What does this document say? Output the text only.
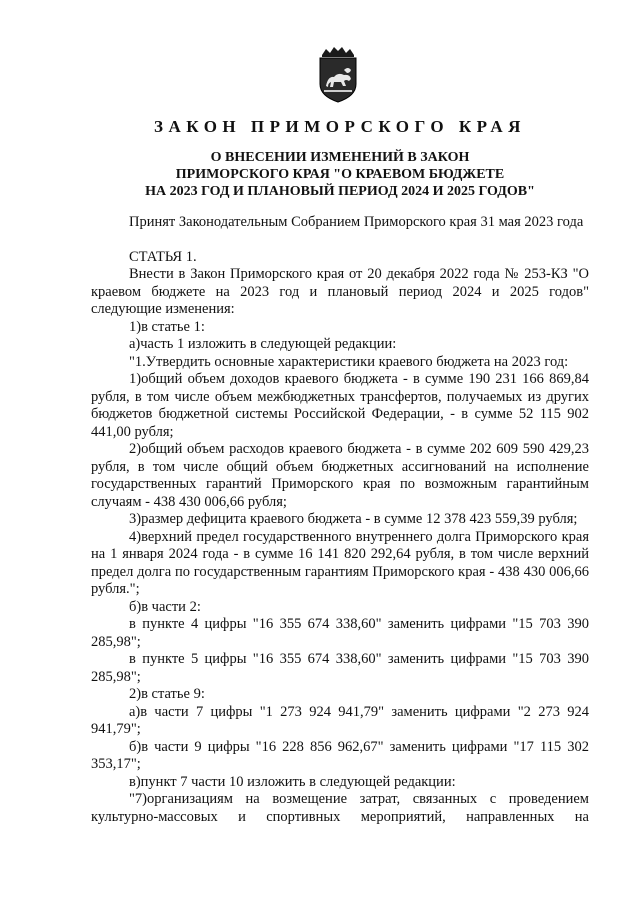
ЗАКОН ПРИМОРСКОГО КРАЯ
О ВНЕСЕНИИ ИЗМЕНЕНИЙ В ЗАКОН
ПРИМОРСКОГО КРАЯ "О КРАЕВОМ БЮДЖЕТЕ
НА 2023 ГОД И ПЛАНОВЫЙ ПЕРИОД 2024 И 2025 ГОДОВ"

Принят Законодательным Собранием Приморского края 31 мая 2023 года

СТАТЬЯ 1.

Внести в Закон Приморского края от 20 декабря 2022 года № 253-КЗ "О краевом бюджете на 2023 год и плановый период 2024 и 2025 годов" следующие изменения:

1)в статье 1:

а)часть 1 изложить в следующей редакции:

"1.Утвердить основные характеристики краевого бюджета на 2023 год:

1)общий объем доходов краевого бюджета - в сумме 190 231 166 869,84 рубля, в том числе объем межбюджетных трансфертов, получаемых из других бюджетов бюджетной системы Российской Федерации, - в сумме 52 115 902 441,00 рубля;

2)общий объем расходов краевого бюджета - в сумме 202 609 590 429,23 рубля, в том числе общий объем бюджетных ассигнований на исполнение государственных гарантий Приморского края по возможным гарантийным случаям - 438 430 006,66 рубля;

3)размер дефицита краевого бюджета - в сумме 12 378 423 559,39 рубля;

4)верхний предел государственного внутреннего долга Приморского края на 1 января 2024 года - в сумме 16 141 820 292,64 рубля, в том числе верхний предел долга по государственным гарантиям Приморского края - 438 430 006,66 рубля.";

б)в части 2:

в пункте 4 цифры "16 355 674 338,60" заменить цифрами "15 703 390 285,98";

в пункте 5 цифры "16 355 674 338,60" заменить цифрами "15 703 390 285,98";

2)в статье 9:

а)в части 7 цифры "1 273 924 941,79" заменить цифрами "2 273 924 941,79";

б)в части 9 цифры "16 228 856 962,67" заменить цифрами "17 115 302 353,17";

в)пункт 7 части 10 изложить в следующей редакции:

"7)организациям на возмещение затрат, связанных с проведением культурно-массовых и спортивных мероприятий, направленных на
